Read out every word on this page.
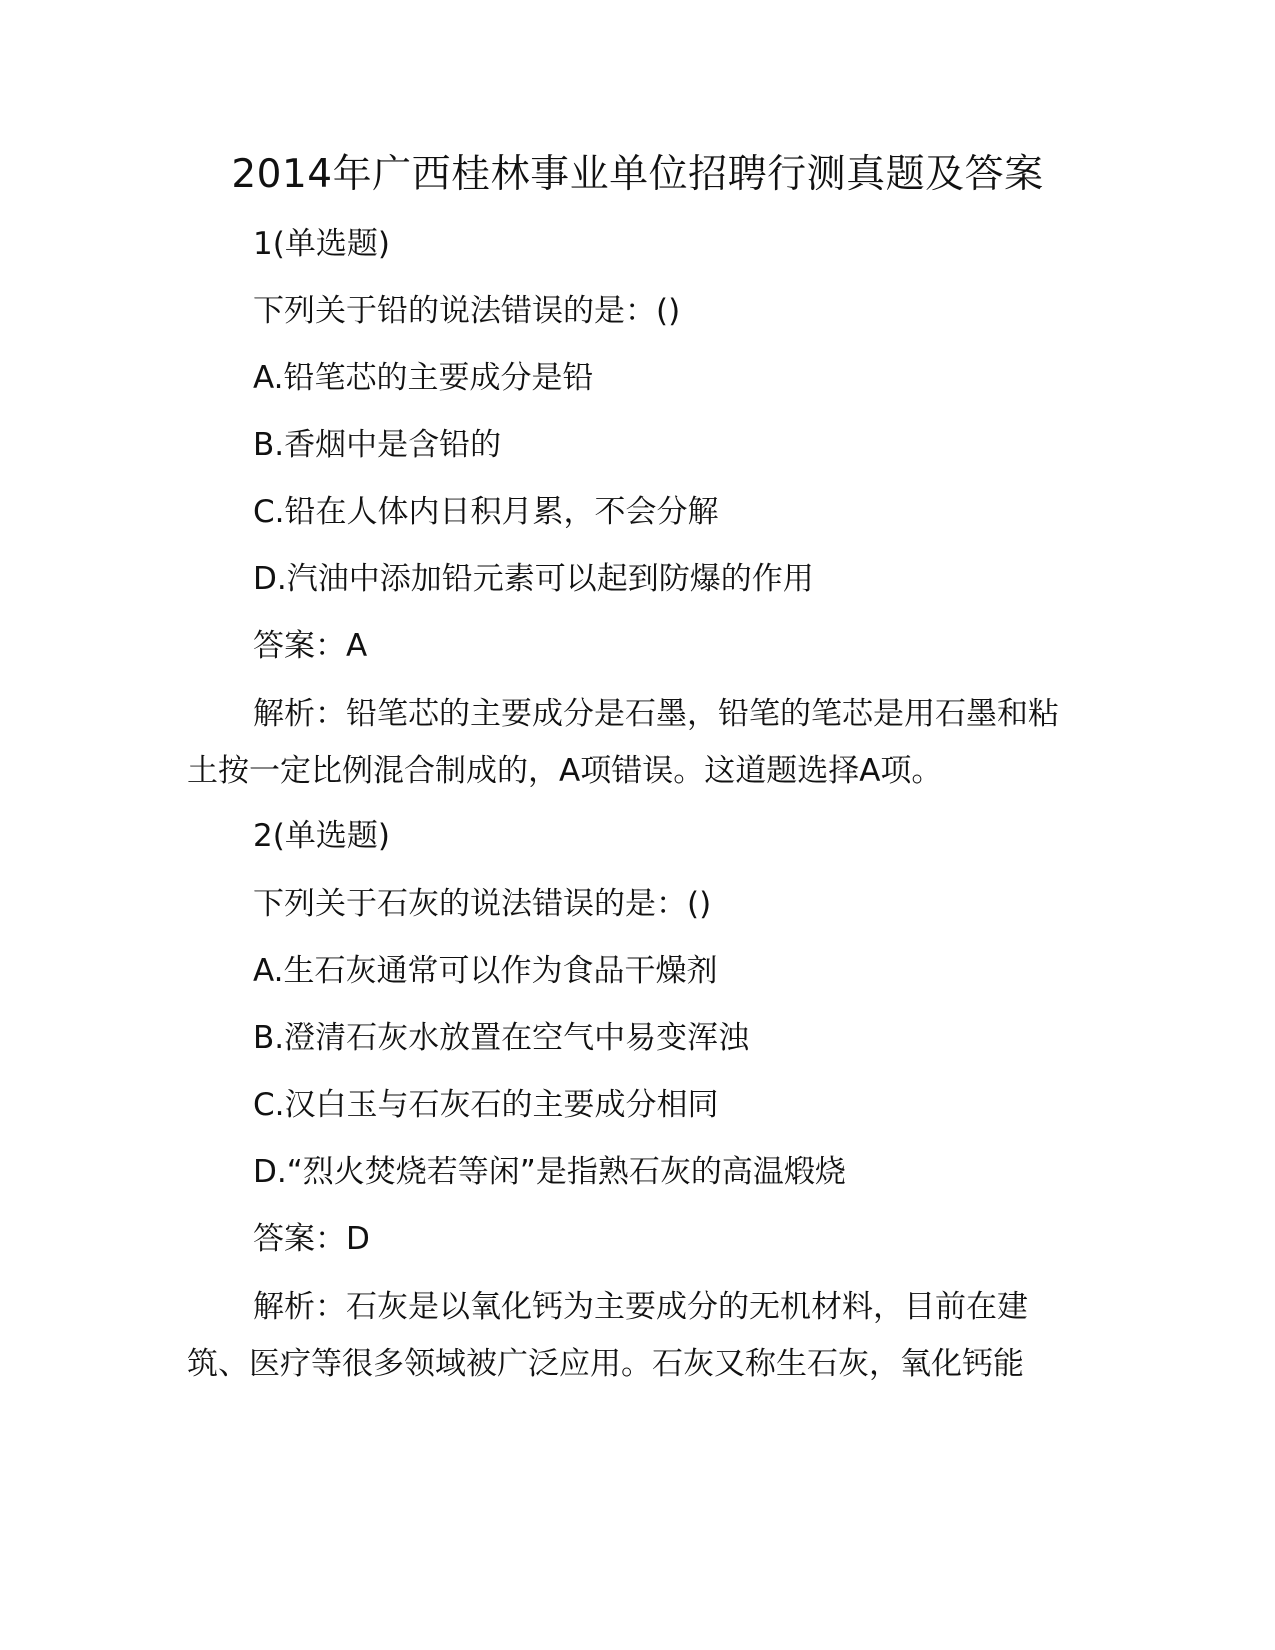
2014年广西桂林事业单位招聘行测真题及答案

1(单选题)

下列关于铅的说法错误的是：()

A.铅笔芯的主要成分是铅

B.香烟中是含铅的

C.铅在人体内日积月累，不会分解

D.汽油中添加铅元素可以起到防爆的作用

答案：A

解析：铅笔芯的主要成分是石墨，铅笔的笔芯是用石墨和粘土按一定比例混合制成的，A项错误。这道题选择A项。

2(单选题)

下列关于石灰的说法错误的是：()

A.生石灰通常可以作为食品干燥剂

B.澄清石灰水放置在空气中易变浑浊

C.汉白玉与石灰石的主要成分相同

D.“烈火焚烧若等闲”是指熟石灰的高温煅烧

答案：D

解析：石灰是以氧化钙为主要成分的无机材料，目前在建筑、医疗等很多领域被广泛应用。石灰又称生石灰，氧化钙能
